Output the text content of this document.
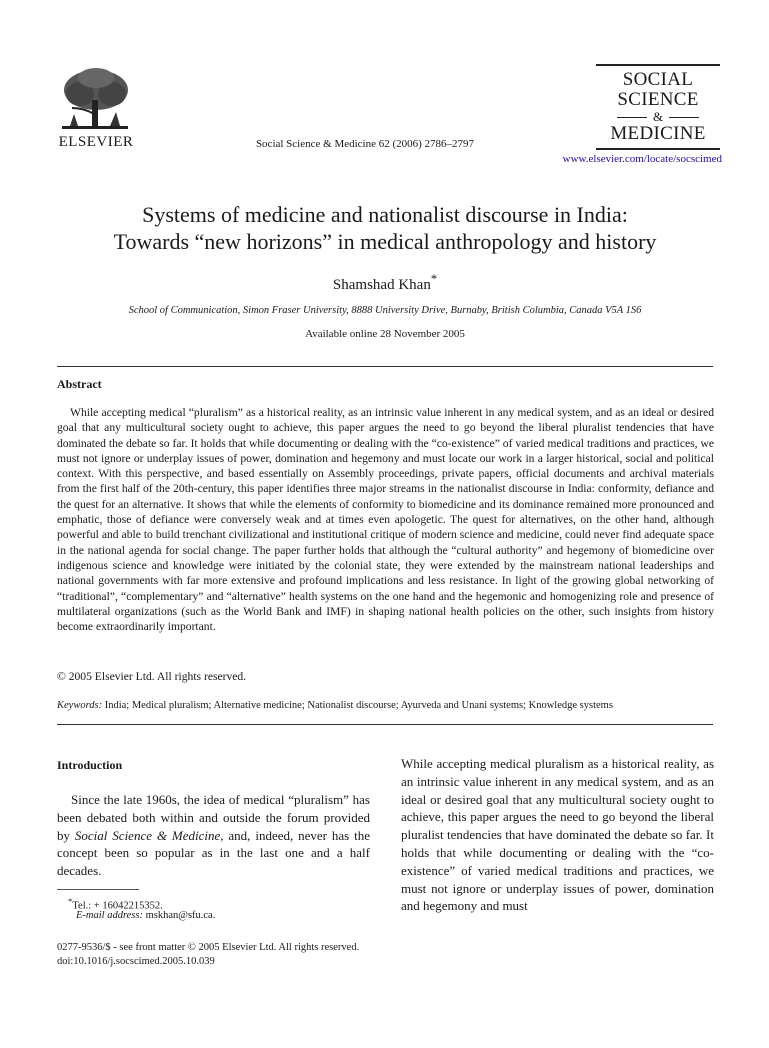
ELSEVIER	Social Science & Medicine 62 (2006) 2786–2797
SOCIAL
SCIENCE
&
MEDICINE
www.elsevier.com/locate/socscimed
Systems of medicine and nationalist discourse in India:
Towards “new horizons” in medical anthropology and history
Shamshad Khan*
School of Communication, Simon Fraser University, 8888 University Drive, Burnaby, British Columbia, Canada V5A 1S6
Available online 28 November 2005
Abstract
While accepting medical “pluralism” as a historical reality, as an intrinsic value inherent in any medical system, and as an ideal or desired goal that any multicultural society ought to achieve, this paper argues the need to go beyond the liberal pluralist tendencies that have dominated the debate so far. It holds that while documenting or dealing with the “co-existence” of varied medical traditions and practices, we must not ignore or underplay issues of power, domination and hegemony and must locate our work in a larger historical, social and political context. With this perspective, and based essentially on Assembly proceedings, private papers, official documents and archival materials from the first half of the 20th-century, this paper identifies three major streams in the nationalist discourse in India: conformity, defiance and the quest for an alternative. It shows that while the elements of conformity to biomedicine and its dominance remained more pronounced and emphatic, those of defiance were conversely weak and at times even apologetic. The quest for alternatives, on the other hand, although powerful and able to build trenchant civilizational and institutional critique of modern science and medicine, could never find adequate space in the national agenda for social change. The paper further holds that although the “cultural authority” and hegemony of biomedicine over indigenous science and knowledge were initiated by the colonial state, they were extended by the mainstream national leaderships and national governments with far more extensive and profound implications and less resistance. In light of the growing global networking of “traditional”, “complementary” and “alternative” health systems on the one hand and the hegemonic and homogenizing role and presence of multilateral organizations (such as the World Bank and IMF) in shaping national health policies on the other, such insights from history become extraordinarily important.
© 2005 Elsevier Ltd. All rights reserved.
Keywords: India; Medical pluralism; Alternative medicine; Nationalist discourse; Ayurveda and Unani systems; Knowledge systems
Introduction
Since the late 1960s, the idea of medical “pluralism” has been debated both within and outside the forum provided by Social Science & Medicine, and, indeed, never has the concept been so popular as in the last one and a half decades.
While accepting medical pluralism as a historical reality, as an intrinsic value inherent in any medical system, and as an ideal or desired goal that any multicultural society ought to achieve, this paper argues the need to go beyond the liberal pluralist tendencies that have dominated the debate so far. It holds that while documenting or dealing with the “co-existence” of varied medical traditions and practices, we must not ignore or underplay issues of power, domination and hegemony and must
*Tel.: + 16042215352.
E-mail address: mskhan@sfu.ca.
0277-9536/$ - see front matter © 2005 Elsevier Ltd. All rights reserved.
doi:10.1016/j.socscimed.2005.10.039
